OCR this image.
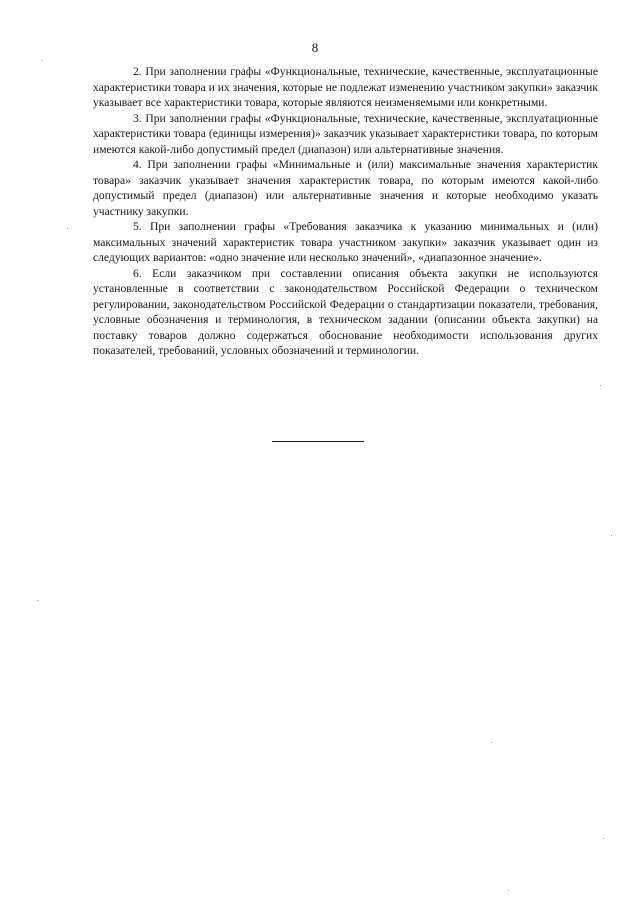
8

2. При заполнении графы «Функциональные, технические, качественные, эксплуатационные характеристики товара и их значения, которые не подлежат изменению участником закупки» заказчик указывает все характеристики товара, которые являются неизменяемыми или конкретными.

3. При заполнении графы «Функциональные, технические, качественные, эксплуатационные характеристики товара (единицы измерения)» заказчик указывает характеристики товара, по которым имеются какой-либо допустимый предел (диапазон) или альтернативные значения.

4. При заполнении графы «Минимальные и (или) максимальные значения характеристик товара» заказчик указывает значения характеристик товара, по которым имеются какой-либо допустимый предел (диапазон) или альтернативные значения и которые необходимо указать участнику закупки.

5. При заполнении графы «Требования заказчика к указанию минимальных и (или) максимальных значений характеристик товара участником закупки» заказчик указывает один из следующих вариантов: «одно значение или несколько значений», «диапазонное значение».

6. Если заказчиком при составлении описания объекта закупки не используются установленные в соответствии с законодательством Российской Федерации о техническом регулировании, законодательством Российской Федерации о стандартизации показатели, требования, условные обозначения и терминология, в техническом задании (описании объекта закупки) на поставку товаров должно содержаться обоснование необходимости использования других показателей, требований, условных обозначений и терминологии.
